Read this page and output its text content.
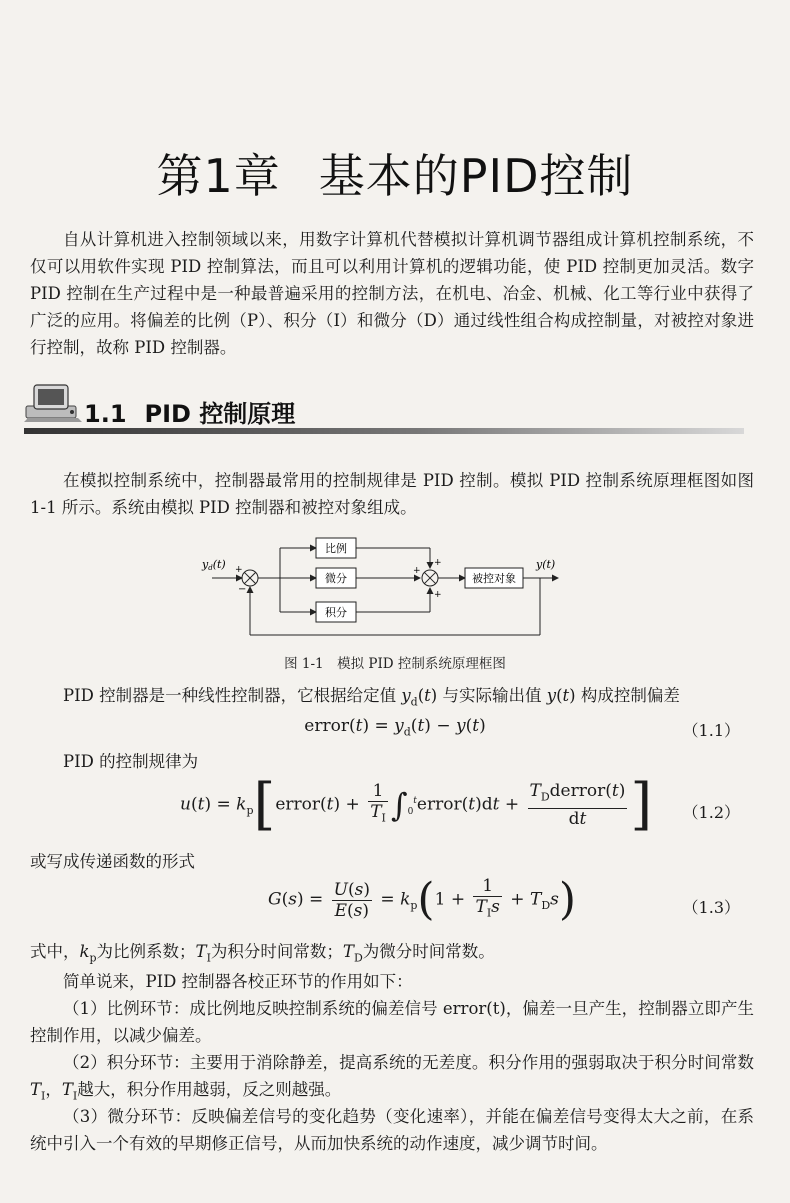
第1章 基本的PID控制

自从计算机进入控制领域以来，用数字计算机代替模拟计算机调节器组成计算机控制系统，不仅可以用软件实现 PID 控制算法，而且可以利用计算机的逻辑功能，使 PID 控制更加灵活。数字 PID 控制在生产过程中是一种最普遍采用的控制方法，在机电、冶金、机械、化工等行业中获得了广泛的应用。将偏差的比例（P）、积分（I）和微分（D）通过线性组合构成控制量，对被控对象进行控制，故称 PID 控制器。

1.1 PID 控制原理

在模拟控制系统中，控制器最常用的控制规律是 PID 控制。模拟 PID 控制系统原理框图如图 1-1 所示。系统由模拟 PID 控制器和被控对象组成。

yd(t) +
−
比例
微分
积分
+
+
+
被控对象
y(t)
图 1-1　模拟 PID 控制系统原理框图

PID 控制器是一种线性控制器，它根据给定值 $y_d(t)$ 与实际输出值 y(t) 构成控制偏差

error(t) = $y_d(t) - y(t)$	（1.1）

PID 的控制规律为

$u(t) = k_p[error(t) + \frac{1}{T_I}$ $\int_0^terror(t)dt + \frac{T_Dderror(t)}{dt}$ ] （1.2）

或写成传递函数的形式

$G(s) = \frac{U(s)}{E(s)} = k_p(1 + \frac{1}{T_Is} + T_Ds)$	（1.3）

式中，$k_p$为比例系数；$T_I$为积分时间常数；$T_D$为微分时间常数。

简单说来，PID 控制器各校正环节的作用如下：

（1）比例环节：成比例地反映控制系统的偏差信号 error(t)，偏差一旦产生，控制器立即产生控制作用，以减少偏差。

（2）积分环节：主要用于消除静差，提高系统的无差度。积分作用的强弱取决于积分时间常数$T_I$，$T_I$越大，积分作用越弱，反之则越强。

（3）微分环节：反映偏差信号的变化趋势（变化速率），并能在偏差信号变得太大之前，在系统中引入一个有效的早期修正信号，从而加快系统的动作速度，减少调节时间。
